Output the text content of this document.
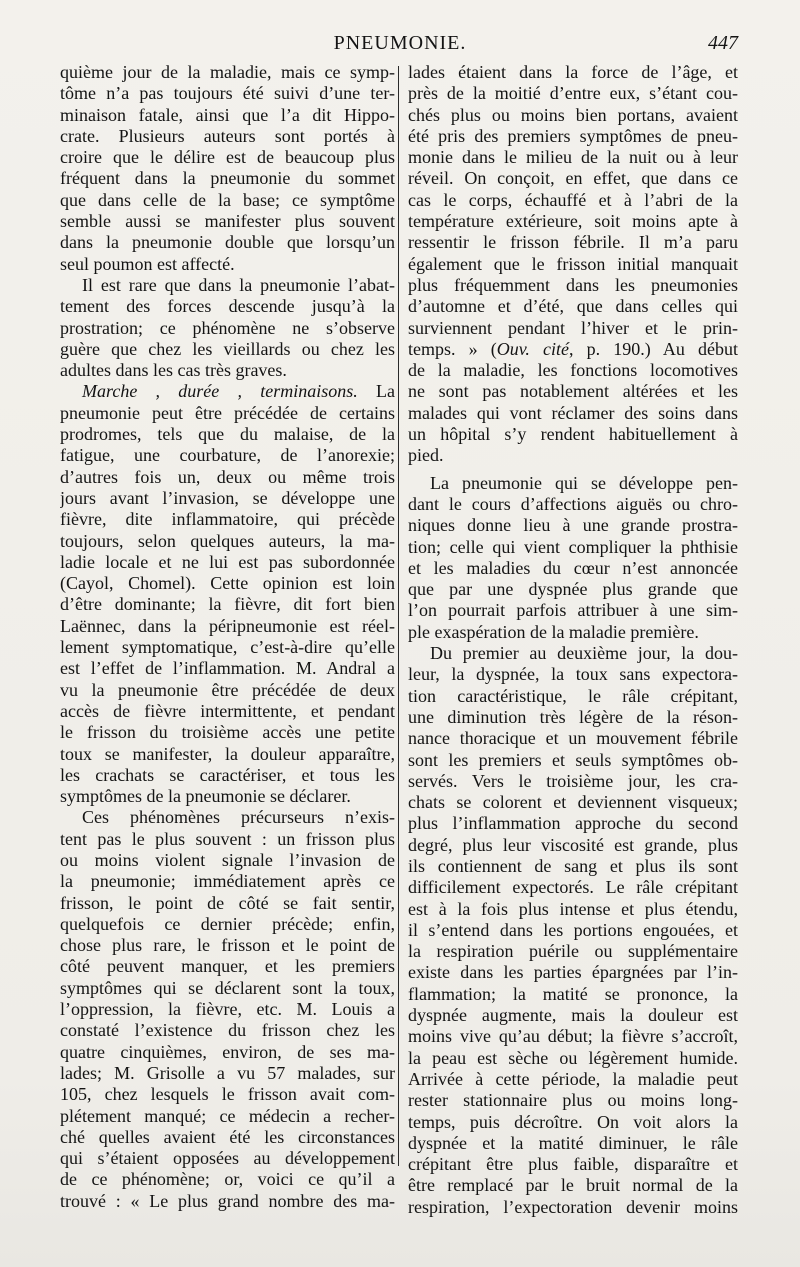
PNEUMONIE.	447
quième jour de la maladie, mais ce symp-
tôme n’a pas toujours été suivi d’une ter-
minaison fatale, ainsi que l’a dit Hippo-
crate. Plusieurs auteurs sont portés à
croire que le délire est de beaucoup plus
fréquent dans la pneumonie du sommet
que dans celle de la base; ce symptôme
semble aussi se manifester plus souvent
dans la pneumonie double que lorsqu’un
seul poumon est affecté.
Il est rare que dans la pneumonie l’abat-
tement des forces descende jusqu’à la
prostration; ce phénomène ne s’observe
guère que chez les vieillards ou chez les
adultes dans les cas très graves.
Marche , durée , terminaisons. La
pneumonie peut être précédée de certains
prodromes, tels que du malaise, de la
fatigue, une courbature, de l’anorexie;
d’autres fois un, deux ou même trois
jours avant l’invasion, se développe une
fièvre, dite inflammatoire, qui précède
toujours, selon quelques auteurs, la ma-
ladie locale et ne lui est pas subordonnée
(Cayol, Chomel). Cette opinion est loin
d’être dominante; la fièvre, dit fort bien
Laënnec, dans la péripneumonie est réel-
lement symptomatique, c’est-à-dire qu’elle
est l’effet de l’inflammation. M. Andral a
vu la pneumonie être précédée de deux
accès de fièvre intermittente, et pendant
le frisson du troisième accès une petite
toux se manifester, la douleur apparaître,
les crachats se caractériser, et tous les
symptômes de la pneumonie se déclarer.
Ces phénomènes précurseurs n’exis-
tent pas le plus souvent : un frisson plus
ou moins violent signale l’invasion de
la pneumonie; immédiatement après ce
frisson, le point de côté se fait sentir,
quelquefois ce dernier précède; enfin,
chose plus rare, le frisson et le point de
côté peuvent manquer, et les premiers
symptômes qui se déclarent sont la toux,
l’oppression, la fièvre, etc. M. Louis a
constaté l’existence du frisson chez les
quatre cinquièmes, environ, de ses ma-
lades; M. Grisolle a vu 57 malades, sur
105, chez lesquels le frisson avait com-
plétement manqué; ce médecin a recher-
ché quelles avaient été les circonstances
qui s’étaient opposées au développement
de ce phénomène; or, voici ce qu’il a
trouvé : « Le plus grand nombre des ma-
lades étaient dans la force de l’âge, et
près de la moitié d’entre eux, s’étant cou-
chés plus ou moins bien portans, avaient
été pris des premiers symptômes de pneu-
monie dans le milieu de la nuit ou à leur
réveil. On conçoit, en effet, que dans ce
cas le corps, échauffé et à l’abri de la
température extérieure, soit moins apte à
ressentir le frisson fébrile. Il m’a paru
également que le frisson initial manquait
plus fréquemment dans les pneumonies
d’automne et d’été, que dans celles qui
surviennent pendant l’hiver et le prin-
temps. » (Ouv. cité, p. 190.) Au début
de la maladie, les fonctions locomotives
ne sont pas notablement altérées et les
malades qui vont réclamer des soins dans
un hôpital s’y rendent habituellement à
pied.
La pneumonie qui se développe pen-
dant le cours d’affections aiguës ou chro-
niques donne lieu à une grande prostra-
tion; celle qui vient compliquer la phthisie
et les maladies du cœur n’est annoncée
que par une dyspnée plus grande que
l’on pourrait parfois attribuer à une sim-
ple exaspération de la maladie première.
Du premier au deuxième jour, la dou-
leur, la dyspnée, la toux sans expectora-
tion caractéristique, le râle crépitant,
une diminution très légère de la réson-
nance thoracique et un mouvement fébrile
sont les premiers et seuls symptômes ob-
servés. Vers le troisième jour, les cra-
chats se colorent et deviennent visqueux;
plus l’inflammation approche du second
degré, plus leur viscosité est grande, plus
ils contiennent de sang et plus ils sont
difficilement expectorés. Le râle crépitant
est à la fois plus intense et plus étendu,
il s’entend dans les portions engouées, et
la respiration puérile ou supplémentaire
existe dans les parties épargnées par l’in-
flammation; la matité se prononce, la
dyspnée augmente, mais la douleur est
moins vive qu’au début; la fièvre s’accroît,
la peau est sèche ou légèrement humide.
Arrivée à cette période, la maladie peut
rester stationnaire plus ou moins long-
temps, puis décroître. On voit alors la
dyspnée et la matité diminuer, le râle
crépitant être plus faible, disparaître et
être remplacé par le bruit normal de la
respiration, l’expectoration devenir moins
